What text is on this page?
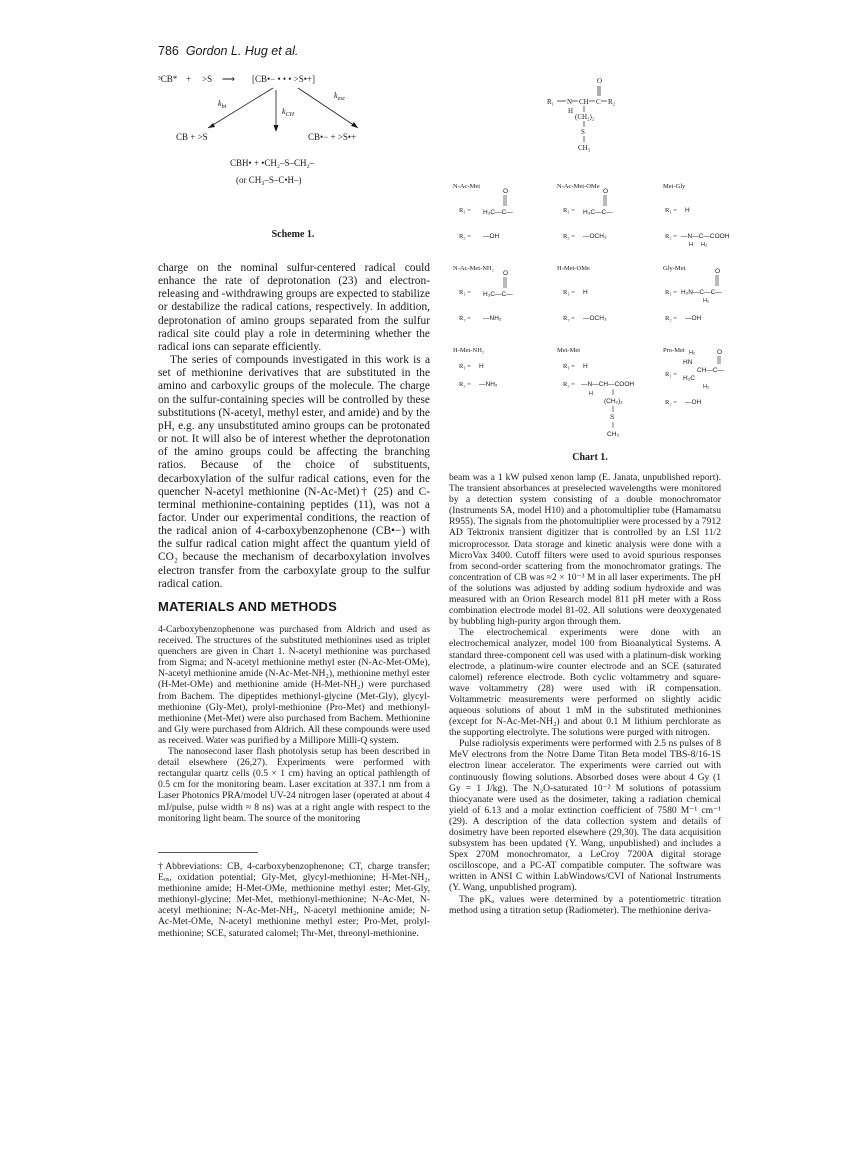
786 Gordon L. Hug et al.
³CB* + >S ⟶ [CB•− • • • >S•+]
$k_{bt}$	$k_{CH}$
$k_{esc}$
CB + >S	CB•− + >S•+
CBH• + •CH₂–S–CH₂–
(or CH₃–S–C•H–)
Scheme 1.

charge on the nominal sulfur-centered radical could enhance the rate of deprotonation (23) and electron-releasing and -withdrawing groups are expected to stabilize or destabilize the radical cations, respectively. In addition, deprotonation of amino groups separated from the sulfur radical site could play a role in determining whether the radical ions can separate efficiently.

The series of compounds investigated in this work is a set of methionine derivatives that are substituted in the amino and carboxylic groups of the molecule. The charge on the sulfur-containing species will be controlled by these substitutions (N-acetyl, methyl ester, and amide) and by the pH, e.g. any unsubstituted amino groups can be protonated or not. It will also be of interest whether the deprotonation of the amino groups could be affecting the branching ratios. Because of the choice of substituents, decarboxylation of the sulfur radical cations, even for the quencher N-acetyl methionine (N-Ac-Met)† (25) and C-terminal methionine-containing peptides (11), was not a factor. Under our experimental conditions, the reaction of the radical anion of 4-carboxybenzophenone (CB•−) with the sulfur radical cation might affect the quantum yield of CO₂ because the mechanism of decarboxylation involves electron transfer from the carboxylate group to the sulfur radical cation.

MATERIALS AND METHODS

4-Carboxybenzophenone was purchased from Aldrich and used as received. The structures of the substituted methionines used as triplet quenchers are given in Chart 1. N-acetyl methionine was purchased from Sigma; and N-acetyl methionine methyl ester (N-Ac-Met-OMe), N-acetyl methionine amide (N-Ac-Met-NH₂), methionine methyl ester (H-Met-OMe) and methionine amide (H-Met-NH₂) were purchased from Bachem. The dipeptides methionyl-glycine (Met-Gly), glycyl-methionine (Gly-Met), prolyl-methionine (Pro-Met) and methionyl-methionine (Met-Met) were also purchased from Bachem. Methionine and Gly were purchased from Aldrich. All these compounds were used as received. Water was purified by a Millipore Milli-Q system.

The nanosecond laser flash photolysis setup has been described in detail elsewhere (26,27). Experiments were performed with rectangular quartz cells (0.5 × 1 cm) having an optical pathlength of 0.5 cm for the monitoring beam. Laser excitation at 337.1 nm from a Laser Photonics PRA/model UV-24 nitrogen laser (operated at about 4 mJ/pulse, pulse width ≈ 8 ns) was at a right angle with respect to the monitoring light beam. The source of the monitoring

†Abbreviations: CB, 4-carboxybenzophenone; CT, charge transfer; Eₒₓ, oxidation potential; Gly-Met, glycyl-methionine; H-Met-NH₂, methionine amide; H-Met-OMe, methionine methyl ester; Met-Gly, methionyl-glycine; Met-Met, methionyl-methionine; N-Ac-Met, N-acetyl methionine; N-Ac-Met-NH₂, N-acetyl methionine amide; N-Ac-Met-OMe, N-acetyl methionine methyl ester; Pro-Met, prolyl-methionine; SCE, saturated calomel; Thr-Met, threonyl-methionine.

R₁ N CH C R₂
O
H
(CH₂)₂
S
CH₃
N-Ac-Met
R₁ = H₃C—C—
O
R₂ = —OH
N-Ac-Met-OMe
R₁ = H₃C—C—
O
R₂ = —OCH₃
Met-Gly
R₁ = H
R₂ = —N—C—COOH
H H₂
N-Ac-Met-NH₂
R₁ = H₃C—C—
O
R₂ = —NH₂
H-Met-OMe
R₁ = H
R₂ = —OCH₃
Gly-Met
R₁ = H₂N—C—C—
O
H₂
R₂ = —OH
H-Met-NH₂
R₁ = H
R₂ = —NH₂
Met-Met
R₁ = H
R₂ = —N—CH—COOH
H
(CH₂)₂
S
CH₃
Pro-Met H₂	O
HN
CH—C—
R₁ =
H₂C
H₂
R₂ = —OH
Chart 1.

beam was a 1 kW pulsed xenon lamp (E. Janata, unpublished report). The transient absorbances at preselected wavelengths were monitored by a detection system consisting of a double monochromator (Instruments SA, model H10) and a photomultiplier tube (Hamamatsu R955). The signals from the photomultiplier were processed by a 7912 AD Tektronix transient digitizer that is controlled by an LSI 11/2 microprocessor. Data storage and kinetic analysis were done with a MicroVax 3400. Cutoff filters were used to avoid spurious responses from second-order scattering from the monochromator gratings. The concentration of CB was ≈2 × 10⁻³ M in all laser experiments. The pH of the solutions was adjusted by adding sodium hydroxide and was measured with an Orion Research model 811 pH meter with a Ross combination electrode model 81-02. All solutions were deoxygenated by bubbling high-purity argon through them.

The electrochemical experiments were done with an electrochemical analyzer, model 100 from Bioanalytical Systems. A standard three-component cell was used with a platinum-disk working electrode, a platinum-wire counter electrode and an SCE (saturated calomel) reference electrode. Both cyclic voltammetry and square-wave voltammetry (28) were used with iR compensation. Voltammetric measurements were performed on slightly acidic aqueous solutions of about 1 mM in the substituted methionines (except for N-Ac-Met-NH₂) and about 0.1 M lithium perchlorate as the supporting electrolyte. The solutions were purged with nitrogen.

Pulse radiolysis experiments were performed with 2.5 ns pulses of 8 MeV electrons from the Notre Dame Titan Beta model TBS-8/16-1S electron linear accelerator. The experiments were carried out with continuously flowing solutions. Absorbed doses were about 4 Gy (1 Gy = 1 J/kg). The N₂O-saturated 10⁻² M solutions of potassium thiocyanate were used as the dosimeter, taking a radiation chemical yield of 6.13 and a molar extinction coefficient of 7580 M⁻¹ cm⁻¹ (29). A description of the data collection system and details of dosimetry have been reported elsewhere (29,30). The data acquisition subsystem has been updated (Y. Wang, unpublished) and includes a Spex 270M monochromator, a LeCroy 7200A digital storage oscilloscope, and a PC-AT compatible computer. The software was written in ANSI C within LabWindows/CVI of National Instruments (Y. Wang, unpublished program).

The pKₐ values were determined by a potentiometric titration method using a titration setup (Radiometer). The methionine deriva-
